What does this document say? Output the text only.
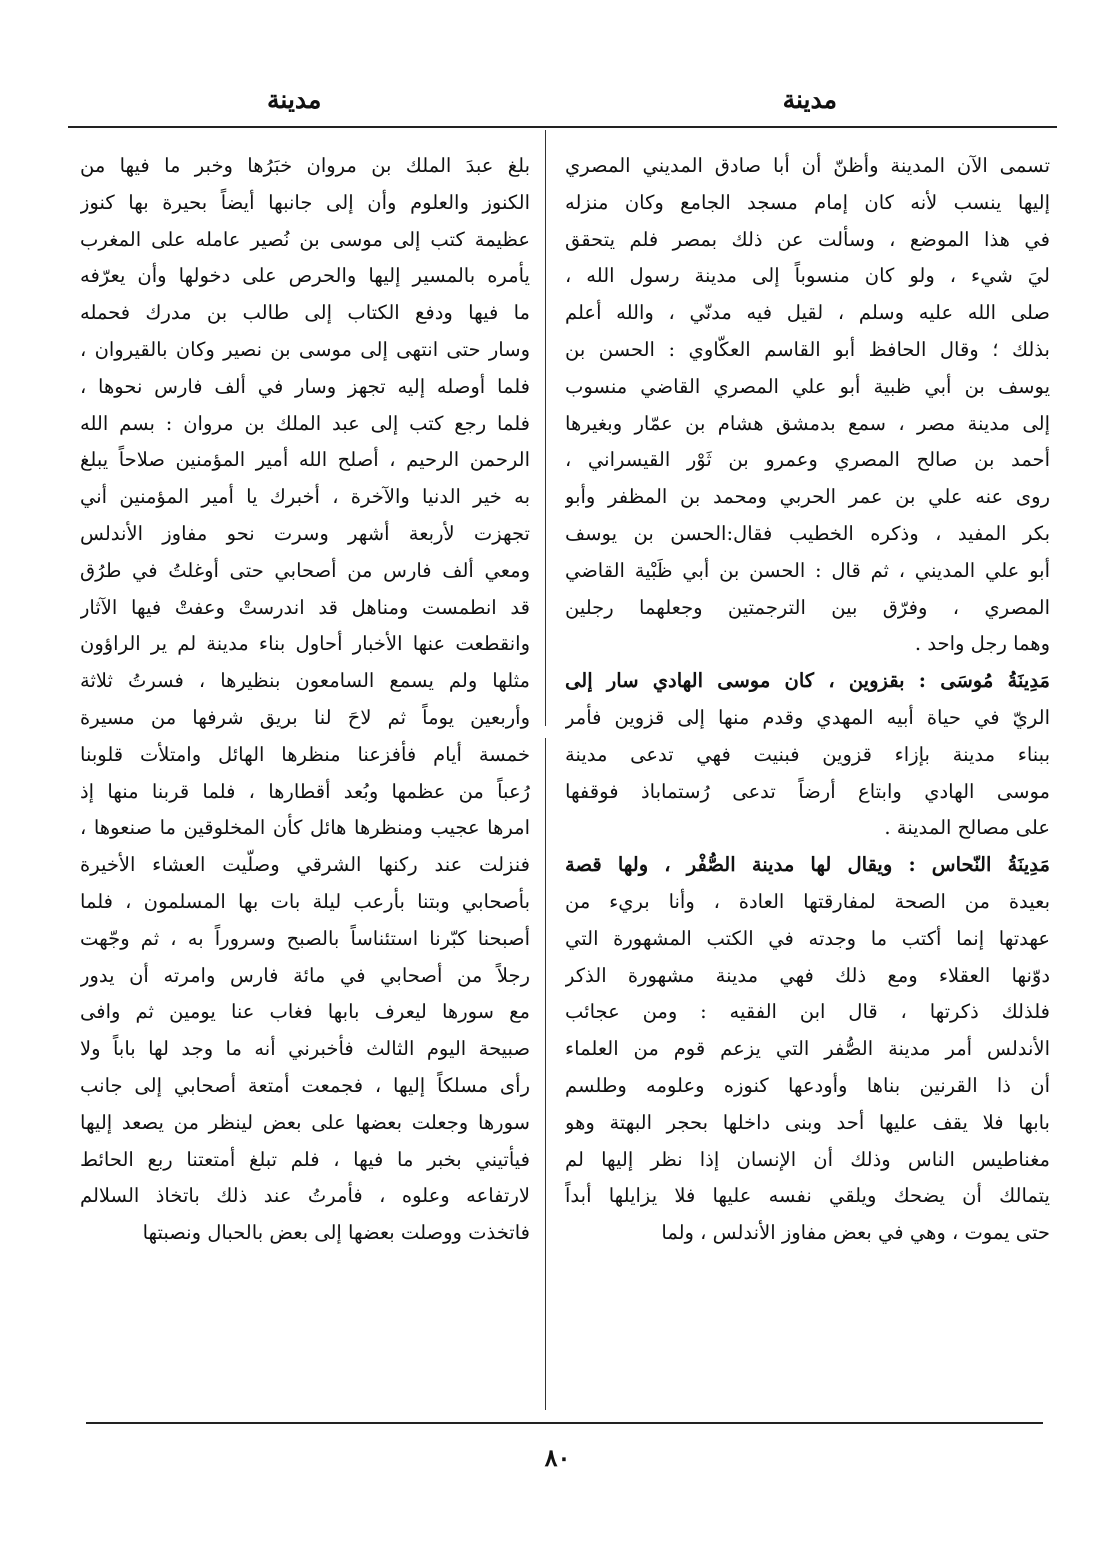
مدينة
مدينة
تسمى الآن المدينة وأظنّ أن أبا صادق المديني المصري
إليها ينسب لأنه كان إمام مسجد الجامع وكان منزله
في هذا الموضع ، وسألت عن ذلك بمصر فلم يتحقق
ليَ شيء ، ولو كان منسوباً إلى مدينة رسول الله ،
صلى الله عليه وسلم ، لقيل فيه مدنّي ، والله أعلم
بذلك ؛ وقال الحافظ أبو القاسم العكّاوي : الحسن بن
يوسف بن أبي ظبية أبو علي المصري القاضي منسوب
إلى مدينة مصر ، سمع بدمشق هشام بن عمّار وبغيرها
أحمد بن صالح المصري وعمرو بن ثَوْر القيسراني ،
روى عنه علي بن عمر الحربي ومحمد بن المظفر وأبو
بكر المفيد ، وذكره الخطيب فقال:الحسن بن يوسف
أبو علي المديني ، ثم قال : الحسن بن أبي ظَبْية القاضي
المصري ، وفرّق بين الترجمتين وجعلهما رجلين
وهما رجل واحد .
مَدِينَةُ مُوسَى : بقزوين ، كان موسى الهادي سار إلى
الريّ في حياة أبيه المهدي وقدم منها إلى قزوين فأمر
ببناء مدينة بإزاء قزوين فبنيت فهي تدعى مدينة
موسى الهادي وابتاع أرضاً تدعى رُستماباذ فوقفها
على مصالح المدينة .
مَدِينَةُ النّحاس : ويقال لها مدينة الصُّفْر ، ولها قصة
بعيدة من الصحة لمفارقتها العادة ، وأنا بريء من
عهدتها إنما أكتب ما وجدته في الكتب المشهورة التي
دوّنها العقلاء ومع ذلك فهي مدينة مشهورة الذكر
فلذلك ذكرتها ، قال ابن الفقيه : ومن عجائب
الأندلس أمر مدينة الصُّفر التي يزعم قوم من العلماء
أن ذا القرنين بناها وأودعها كنوزه وعلومه وطلسم
بابها فلا يقف عليها أحد وبنى داخلها بحجر البهتة وهو
مغناطيس الناس وذلك أن الإنسان إذا نظر إليها لم
يتمالك أن يضحك ويلقي نفسه عليها فلا يزايلها أبداً
حتى يموت ، وهي في بعض مفاوز الأندلس ، ولما
بلغ عبدَ الملك بن مروان خبَرُها وخبر ما فيها من
الكنوز والعلوم وأن إلى جانبها أيضاً بحيرة بها كنوز
عظيمة كتب إلى موسى بن نُصير عامله على المغرب
يأمره بالمسير إليها والحرص على دخولها وأن يعرّفه
ما فيها ودفع الكتاب إلى طالب بن مدرك فحمله
وسار حتى انتهى إلى موسى بن نصير وكان بالقيروان ،
فلما أوصله إليه تجهز وسار في ألف فارس نحوها ،
فلما رجع كتب إلى عبد الملك بن مروان : بسم الله
الرحمن الرحيم ، أصلح الله أمير المؤمنين صلاحاً يبلغ
به خير الدنيا والآخرة ، أخبرك يا أمير المؤمنين أني
تجهزت لأربعة أشهر وسرت نحو مفاوز الأندلس
ومعي ألف فارس من أصحابي حتى أوغلتُ في طرُق
قد انطمست ومناهل قد اندرستْ وعفتْ فيها الآثار
وانقطعت عنها الأخبار أحاول بناء مدينة لم ير الراؤون
مثلها ولم يسمع السامعون بنظيرها ، فسرتُ ثلاثة
وأربعين يوماً ثم لاحَ لنا بريق شرفها من مسيرة
خمسة أيام فأفزعنا منظرها الهائل وامتلأت قلوبنا
رُعباً من عظمها وبُعد أقطارها ، فلما قربنا منها إذ
امرها عجيب ومنظرها هائل كأن المخلوقين ما صنعوها ،
فنزلت عند ركنها الشرقي وصلّيت العشاء الأخيرة
بأصحابي وبتنا بأرعب ليلة بات بها المسلمون ، فلما
أصبحنا كبّرنا استئناساً بالصبح وسروراً به ، ثم وجّهت
رجلاً من أصحابي في مائة فارس وامرته أن يدور
مع سورها ليعرف بابها فغاب عنا يومين ثم وافى
صبيحة اليوم الثالث فأخبرني أنه ما وجد لها باباً ولا
رأى مسلكاً إليها ، فجمعت أمتعة أصحابي إلى جانب
سورها وجعلت بعضها على بعض لينظر من يصعد إليها
فيأتيني بخبر ما فيها ، فلم تبلغ أمتعتنا ربع الحائط
لارتفاعه وعلوه ، فأمرتُ عند ذلك باتخاذ السلالم
فاتخذت ووصلت بعضها إلى بعض بالحبال ونصبتها
٨٠
